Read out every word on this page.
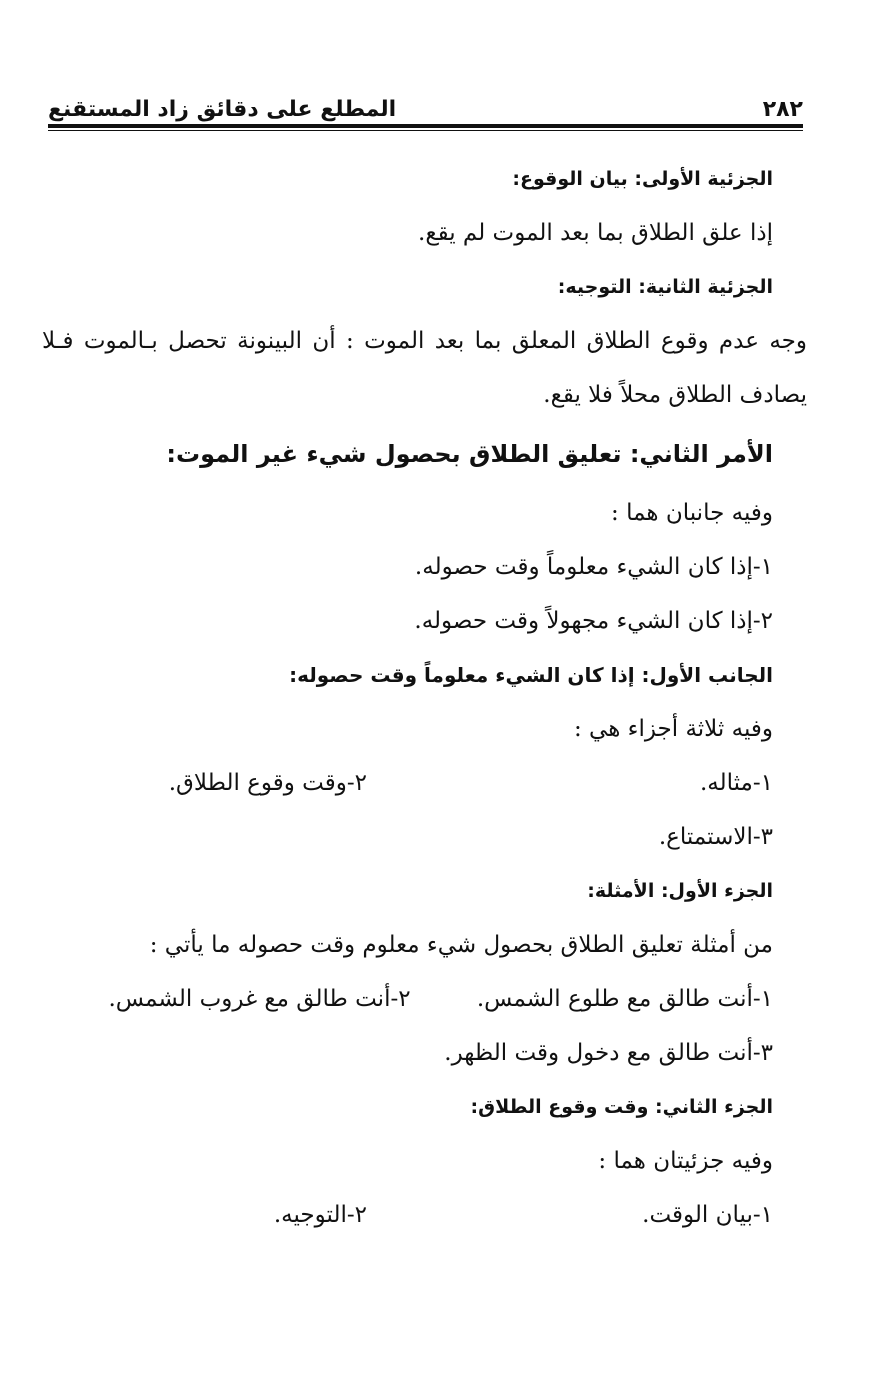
٢٨٢
المطلع على دقائق زاد المستقنع
الجزئية الأولى: بيان الوقوع:
إذا علق الطلاق بما بعد الموت لم يقع.
الجزئية الثانية: التوجيه:
وجه عدم وقوع الطلاق المعلق بما بعد الموت : أن البينونة تحصل بـالموت فـلا
يصادف الطلاق محلاً فلا يقع.
الأمر الثاني: تعليق الطلاق بحصول شيء غير الموت:
وفيه جانبان هما :
١-إذا كان الشيء معلوماً وقت حصوله.
٢-إذا كان الشيء مجهولاً وقت حصوله.
الجانب الأول: إذا كان الشيء معلوماً وقت حصوله:
وفيه ثلاثة أجزاء هي :
١-مثاله.
٢-وقت وقوع الطلاق.
٣-الاستمتاع.
الجزء الأول: الأمثلة:
من أمثلة تعليق الطلاق بحصول شيء معلوم وقت حصوله ما يأتي :
١-أنت طالق مع طلوع الشمس.
٢-أنت طالق مع غروب الشمس.
٣-أنت طالق مع دخول وقت الظهر.
الجزء الثاني: وقت وقوع الطلاق:
وفيه جزئيتان هما :
١-بيان الوقت.
٢-التوجيه.
